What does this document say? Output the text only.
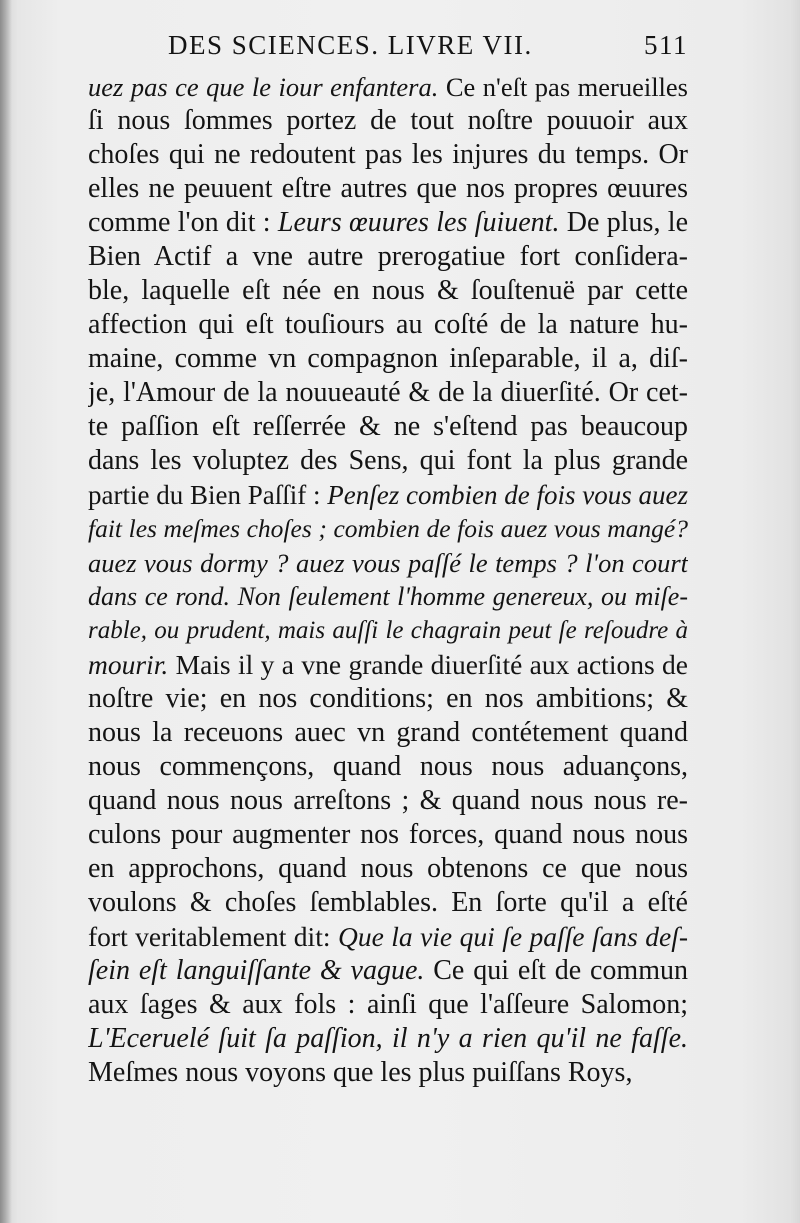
DES SCIENCES. LIVRE VII.	511
uez pas ce que le iour enfantera. Ce n'eſt pas merueilles
ſi nous ſommes portez de tout noſtre pouuoir aux
choſes qui ne redoutent pas les injures du temps. Or
elles ne peuuent eſtre autres que nos propres œuures
comme l'on dit : Leurs œuures les ſuiuent. De plus, le
Bien Actif a vne autre prerogatiue fort conſidera-
ble, laquelle eſt née en nous & ſouſtenuë par cette
affection qui eſt touſiours au coſté de la nature hu-
maine, comme vn compagnon inſeparable, il a, diſ-
je, l'Amour de la nouueauté & de la diuerſité. Or cet-
te paſſion eſt reſſerrée & ne s'eſtend pas beaucoup
dans les voluptez des Sens, qui font la plus grande
partie du Bien Paſſif : Penſez combien de fois vous auez
fait les meſmes choſes ; combien de fois auez vous mangé?
auez vous dormy ? auez vous paſſé le temps ? l'on court
dans ce rond. Non ſeulement l'homme genereux, ou miſe-
rable, ou prudent, mais auſſi le chagrain peut ſe reſoudre à
mourir. Mais il y a vne grande diuerſité aux actions de
noſtre vie; en nos conditions; en nos ambitions; &
nous la receuons auec vn grand contétement quand
nous commençons, quand nous nous aduançons,
quand nous nous arreſtons ; & quand nous nous re-
culons pour augmenter nos forces, quand nous nous
en approchons, quand nous obtenons ce que nous
voulons & choſes ſemblables. En ſorte qu'il a eſté
fort veritablement dit: Que la vie qui ſe paſſe ſans deſ-
ſein eſt languiſſante & vague. Ce qui eſt de commun
aux ſages & aux fols : ainſi que l'aſſeure Salomon;
L'Eceruelé ſuit ſa paſſion, il n'y a rien qu'il ne faſſe.
Meſmes nous voyons que les plus puiſſans Roys,
